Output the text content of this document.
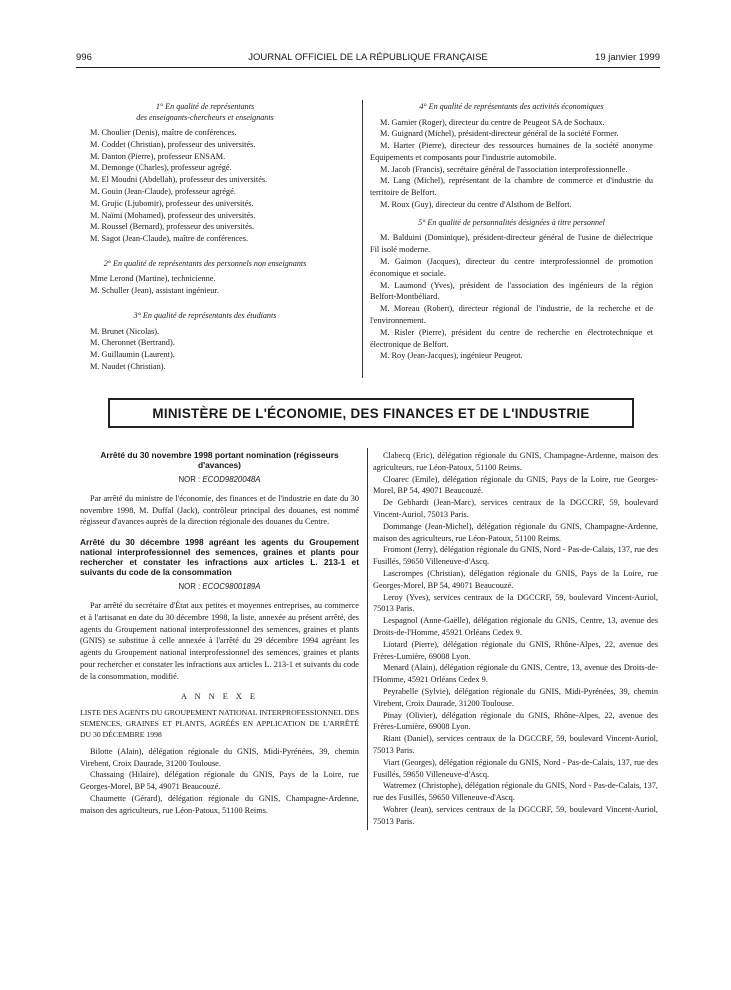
996	JOURNAL OFFICIEL DE LA RÉPUBLIQUE FRANÇAISE	19 janvier 1999
1° En qualité de représentants
des enseignants-chercheurs et enseignants
M. Choulier (Denis), maître de conférences.
M. Coddet (Christian), professeur des universités.
M. Danton (Pierre), professeur ENSAM.
M. Demonge (Charles), professeur agrégé.
M. El Moudni (Abdellah), professeur des universités.
M. Gouin (Jean-Claude), professeur agrégé.
M. Grujic (Ljubomir), professeur des universités.
M. Naïmi (Mohamed), professeur des universités.
M. Roussel (Bernard), professeur des universités.
M. Sagot (Jean-Claude), maître de conférences.
2° En qualité de représentants des personnels non enseignants
Mme Lerond (Martine), technicienne.
M. Schuller (Jean), assistant ingénieur.
3° En qualité de représentants des étudiants
M. Brunet (Nicolas).
M. Cheronnet (Bertrand).
M. Guillaumin (Laurent).
M. Naudet (Christian).
4° En qualité de représentants des activités économiques
M. Garnier (Roger), directeur du centre de Peugeot SA de Sochaux.
M. Guignard (Michel), président-directeur général de la société Former.
M. Harter (Pierre), directeur des ressources humaines de la société anonyme Equipements et composants pour l'industrie automobile.
M. Jacob (Francis), secrétaire général de l'association interprofessionnelle.
M. Lang (Michel), représentant de la chambre de commerce et d'industrie du territoire de Belfort.
M. Roux (Guy), directeur du centre d'Alsthom de Belfort.
5° En qualité de personnalités désignées à titre personnel
M. Balduini (Dominique), président-directeur général de l'usine de diélectrique Fil isolé moderne.
M. Gaimon (Jacques), directeur du centre interprofessionnel de promotion économique et sociale.
M. Laumond (Yves), président de l'association des ingénieurs de la région Belfort-Montbéliard.
M. Moreau (Robert), directeur régional de l'industrie, de la recherche et de l'environnement.
M. Risler (Pierre), président du centre de recherche en électrotechnique et électronique de Belfort.
M. Roy (Jean-Jacques), ingénieur Peugeot.
MINISTÈRE DE L'ÉCONOMIE, DES FINANCES ET DE L'INDUSTRIE
Arrêté du 30 novembre 1998 portant nomination (régisseurs d'avances)
NOR : ECOD9820048A
Par arrêté du ministre de l'économie, des finances et de l'industrie en date du 30 novembre 1998, M. Duffal (Jack), contrôleur principal des douanes, est nommé régisseur d'avances auprès de la direction régionale des douanes du Centre.
Arrêté du 30 décembre 1998 agréant les agents du Groupement national interprofessionnel des semences, graines et plants pour rechercher et constater les infractions aux articles L. 213-1 et suivants du code de la consommation
NOR : ECOC9800189A
Par arrêté du secrétaire d'État aux petites et moyennes entreprises, au commerce et à l'artisanat en date du 30 décembre 1998, la liste, annexée au présent arrêté, des agents du Groupement national interprofessionnel des semences, graines et plants (GNIS) se substitue à celle annexée à l'arrêté du 29 décembre 1994 agréant les agents du Groupement national interprofessionnel des semences, graines et plants pour rechercher et constater les infractions aux articles L. 213-1 et suivants du code de la consommation, modifié.
A N N E X E
LISTE DES AGENTS DU GROUPEMENT NATIONAL INTERPROFESSIONNEL DES SEMENCES, GRAINES ET PLANTS, AGRÉÉS EN APPLICATION DE L'ARRÊTÉ DU 30 DÉCEMBRE 1998
Bilotte (Alain), délégation régionale du GNIS, Midi-Pyrénées, 39, chemin Virebent, Croix Daurade, 31200 Toulouse.
Chassaing (Hilaire), délégation régionale du GNIS, Pays de la Loire, rue Georges-Morel, BP 54, 49071 Beaucouzé.
Chaumette (Gérard), délégation régionale du GNIS, Champagne-Ardenne, maison des agriculteurs, rue Léon-Patoux, 51100 Reims.
Clabecq (Eric), délégation régionale du GNIS, Champagne-Ardenne, maison des agriculteurs, rue Léon-Patoux, 51100 Reims.
Cloarec (Emile), délégation régionale du GNIS, Pays de la Loire, rue Georges-Morel, BP 54, 49071 Beaucouzé.
De Gebhardt (Jean-Marc), services centraux de la DGCCRF, 59, boulevard Vincent-Auriol, 75013 Paris.
Dommange (Jean-Michel), délégation régionale du GNIS, Champagne-Ardenne, maison des agriculteurs, rue Léon-Patoux, 51100 Reims.
Fromont (Jerry), délégation régionale du GNIS, Nord - Pas-de-Calais, 137, rue des Fusillés, 59650 Villeneuve-d'Ascq.
Lascrompes (Christian), délégation régionale du GNIS, Pays de la Loire, rue Georges-Morel, BP 54, 49071 Beaucouzé.
Leroy (Yves), services centraux de la DGCCRF, 59, boulevard Vincent-Auriol, 75013 Paris.
Lespagnol (Anne-Gaëlle), délégation régionale du GNIS, Centre, 13, avenue des Droits-de-l'Homme, 45921 Orléans Cedex 9.
Liotard (Pierre), délégation régionale du GNIS, Rhône-Alpes, 22, avenue des Frères-Lumière, 69008 Lyon.
Menard (Alain), délégation régionale du GNIS, Centre, 13, avenue des Droits-de-l'Homme, 45921 Orléans Cedex 9.
Peyrabelle (Sylvie), délégation régionale du GNIS, Midi-Pyrénées, 39, chemin Virebent, Croix Daurade, 31200 Toulouse.
Pinay (Olivier), délégation régionale du GNIS, Rhône-Alpes, 22, avenue des Frères-Lumière, 69008 Lyon.
Riant (Daniel), services centraux de la DGCCRF, 59, boulevard Vincent-Auriol, 75013 Paris.
Viart (Georges), délégation régionale du GNIS, Nord - Pas-de-Calais, 137, rue des Fusillés, 59650 Villeneuve-d'Ascq.
Watremez (Christophe), délégation régionale du GNIS, Nord - Pas-de-Calais, 137, rue des Fusillés, 59650 Villeneuve-d'Ascq.
Wohrer (Jean), services centraux de la DGCCRF, 59, boulevard Vincent-Auriol, 75013 Paris.
